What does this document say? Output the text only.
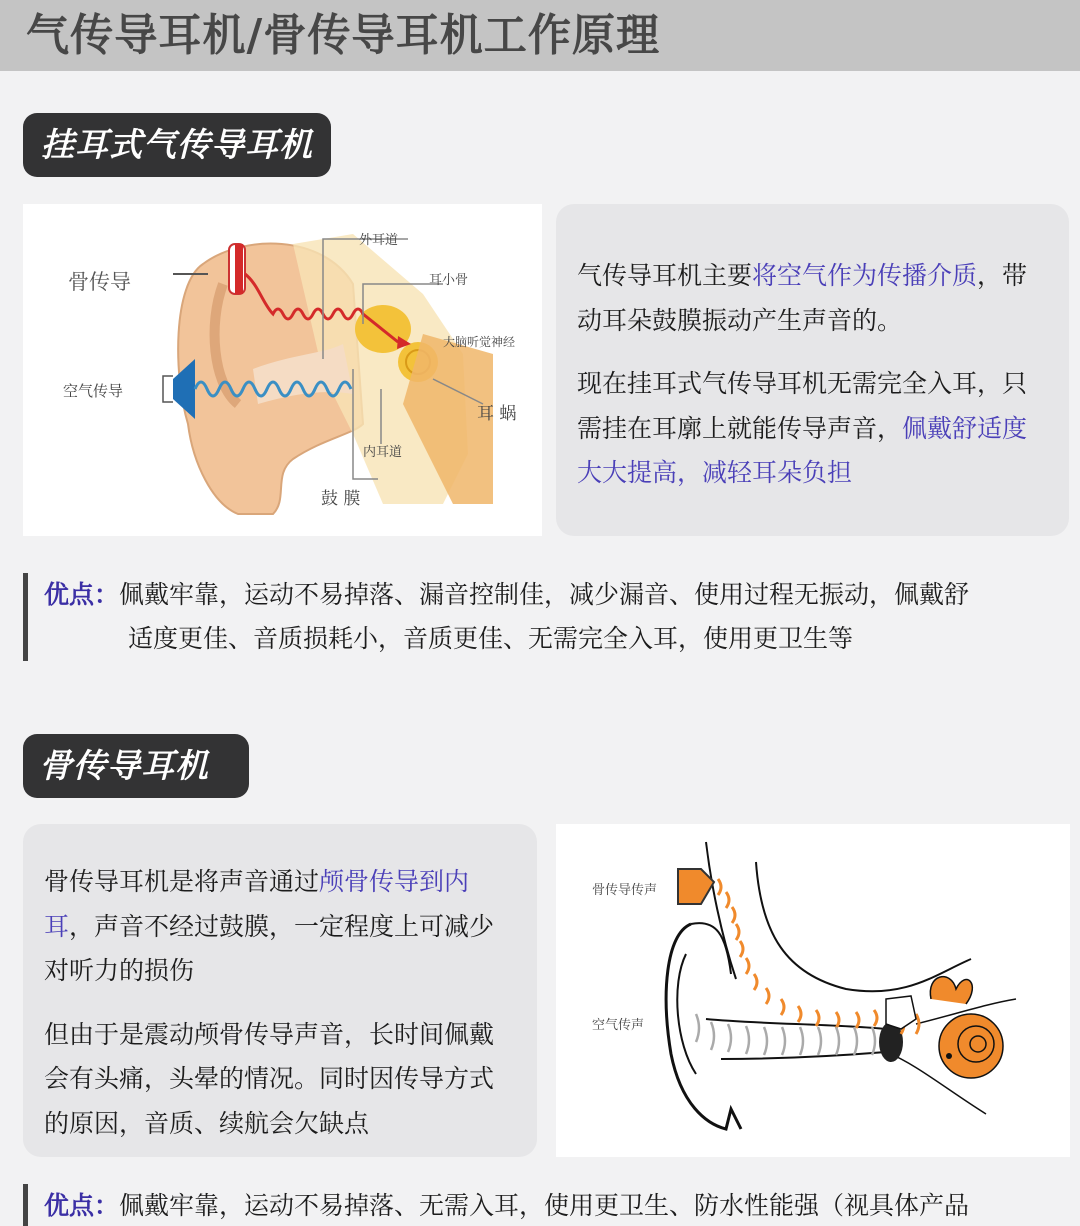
气传导耳机/骨传导耳机工作原理
挂耳式气传导耳机
骨传导
空气传导
外耳道
耳小骨
大脑听觉神经
耳 蜗
内耳道
鼓 膜

气传导耳机主要将空气作为传播介质，带动耳朵鼓膜振动产生声音的。

现在挂耳式气传导耳机无需完全入耳，只需挂在耳廓上就能传导声音，佩戴舒适度大大提高，减轻耳朵负担

优点：佩戴牢靠，运动不易掉落、漏音控制佳，减少漏音、使用过程无振动，佩戴舒
适度更佳、音质损耗小，音质更佳、无需完全入耳，使用更卫生等
骨传导耳机

骨传导耳机是将声音通过颅骨传导到内耳，声音不经过鼓膜，一定程度上可减少对听力的损伤

但由于是震动颅骨传导声音，长时间佩戴会有头痛，头晕的情况。同时因传导方式的原因，音质、续航会欠缺点

骨传导传声
空气传声
优点：佩戴牢靠，运动不易掉落、无需入耳，使用更卫生、防水性能强（视具体产品
